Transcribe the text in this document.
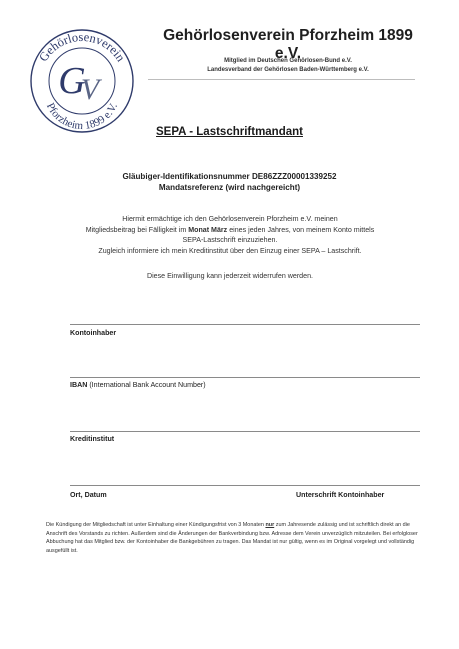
Gehörlosenverein
Pforzheim 1899 e.V.
G
V
Gehörlosenverein Pforzheim 1899 e.V.
Mitglied im Deutschen Gehörlosen-Bund e.V.
Landesverband der Gehörlosen Baden-Württemberg e.V.
SEPA - Lastschriftmandant
Gläubiger-Identifikationsnummer DE86ZZZ00001339252
Mandatsreferenz (wird nachgereicht)

Hiermit ermächtige ich den Gehörlosenverein Pforzheim e.V. meinen

Mitgliedsbeitrag bei Fälligkeit im Monat März eines jeden Jahres, von meinem Konto mittels

SEPA-Lastschrift einzuziehen.

Zugleich informiere ich mein Kreditinstitut über den Einzug einer SEPA – Lastschrift.

Diese Einwilligung kann jederzeit widerrufen werden.
Kontoinhaber
IBAN (International Bank Account Number)
Kreditinstitut
Ort, Datum	Unterschrift Kontoinhaber
Die Kündigung der Mitgliedschaft ist unter Einhaltung einer Kündigungsfrist von 3 Monaten nur zum Jahresende zulässig und ist schriftlich direkt an die Anschrift des Vorstands zu richten. Außerdem sind die Änderungen der Bankverbindung bzw. Adresse dem Verein unverzüglich mitzuteilen. Bei erfolgloser Abbuchung hat das Mitglied bzw. der Kontoinhaber die Bankgebühren zu tragen. Das Mandat ist nur gültig, wenn es im Original vorgelegt und vollständig ausgefüllt ist.
